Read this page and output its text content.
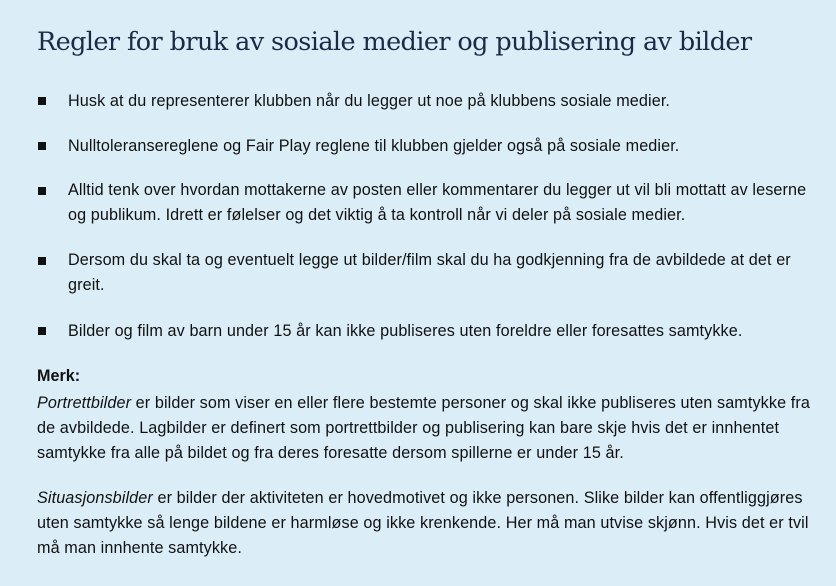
Regler for bruk av sosiale medier og publisering av bilder
Husk at du representerer klubben når du legger ut noe på klubbens sosiale medier.
Nulltoleransereglene og Fair Play reglene til klubben gjelder også på sosiale medier.
Alltid tenk over hvordan mottakerne av posten eller kommentarer du legger ut vil bli mottatt av leserne og publikum. Idrett er følelser og det viktig å ta kontroll når vi deler på sosiale medier.
Dersom du skal ta og eventuelt legge ut bilder/film skal du ha godkjenning fra de avbildede at det er greit.
Bilder og film av barn under 15 år kan ikke publiseres uten foreldre eller foresattes samtykke.
Merk:

Portrettbilder er bilder som viser en eller flere bestemte personer og skal ikke publiseres uten samtykke fra de avbildede. Lagbilder er definert som portrettbilder og publisering kan bare skje hvis det er innhentet samtykke fra alle på bildet og fra deres foresatte dersom spillerne er under 15 år.

Situasjonsbilder er bilder der aktiviteten er hovedmotivet og ikke personen. Slike bilder kan offentliggjøres uten samtykke så lenge bildene er harmløse og ikke krenkende. Her må man utvise skjønn. Hvis det er tvil må man innhente samtykke.
